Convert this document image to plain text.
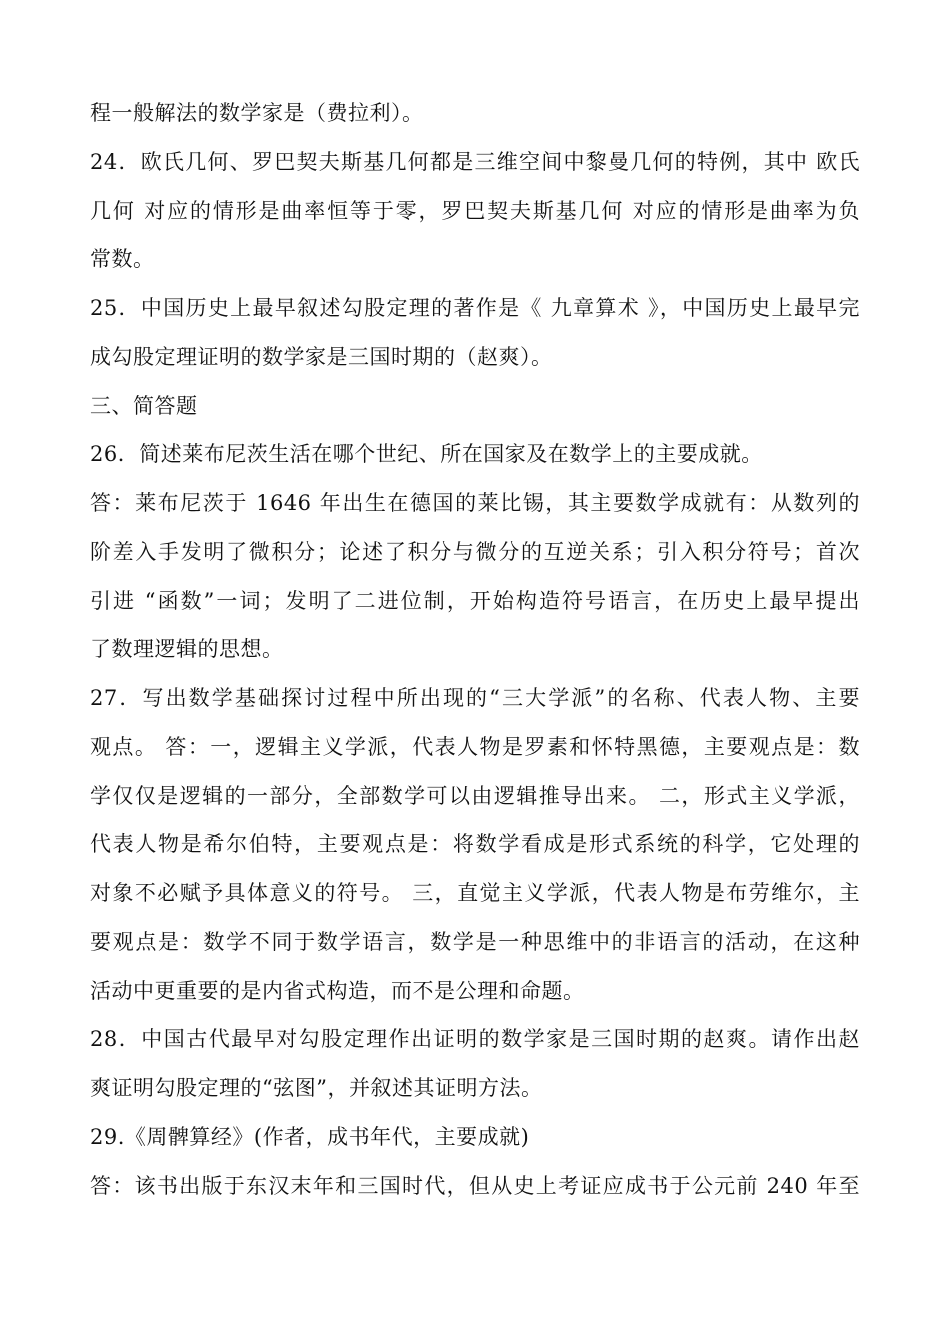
程一般解法的数学家是（费拉利）。
24．欧氏几何、罗巴契夫斯基几何都是三维空间中黎曼几何的特例，其中 欧氏
几何 对应的情形是曲率恒等于零，罗巴契夫斯基几何 对应的情形是曲率为负
常数。
25．中国历史上最早叙述勾股定理的著作是《 九章算术 》，中国历史上最早完
成勾股定理证明的数学家是三国时期的（赵爽）。
三、简答题
26．简述莱布尼茨生活在哪个世纪、所在国家及在数学上的主要成就。
答：莱布尼茨于 1646 年出生在德国的莱比锡，其主要数学成就有：从数列的
阶差入手发明了微积分；论述了积分与微分的互逆关系；引入积分符号；首次
引进 “函数”一词；发明了二进位制，开始构造符号语言，在历史上最早提出
了数理逻辑的思想。
27．写出数学基础探讨过程中所出现的“三大学派”的名称、代表人物、主要
观点。 答：一，逻辑主义学派，代表人物是罗素和怀特黑德，主要观点是：数
学仅仅是逻辑的一部分，全部数学可以由逻辑推导出来。 二，形式主义学派，
代表人物是希尔伯特，主要观点是：将数学看成是形式系统的科学，它处理的
对象不必赋予具体意义的符号。 三，直觉主义学派，代表人物是布劳维尔，主
要观点是：数学不同于数学语言，数学是一种思维中的非语言的活动，在这种
活动中更重要的是内省式构造，而不是公理和命题。
28．中国古代最早对勾股定理作出证明的数学家是三国时期的赵爽。请作出赵
爽证明勾股定理的“弦图”，并叙述其证明方法。
29.《周髀算经》(作者，成书年代，主要成就)
答：该书出版于东汉末年和三国时代，但从史上考证应成书于公元前 240 年至
